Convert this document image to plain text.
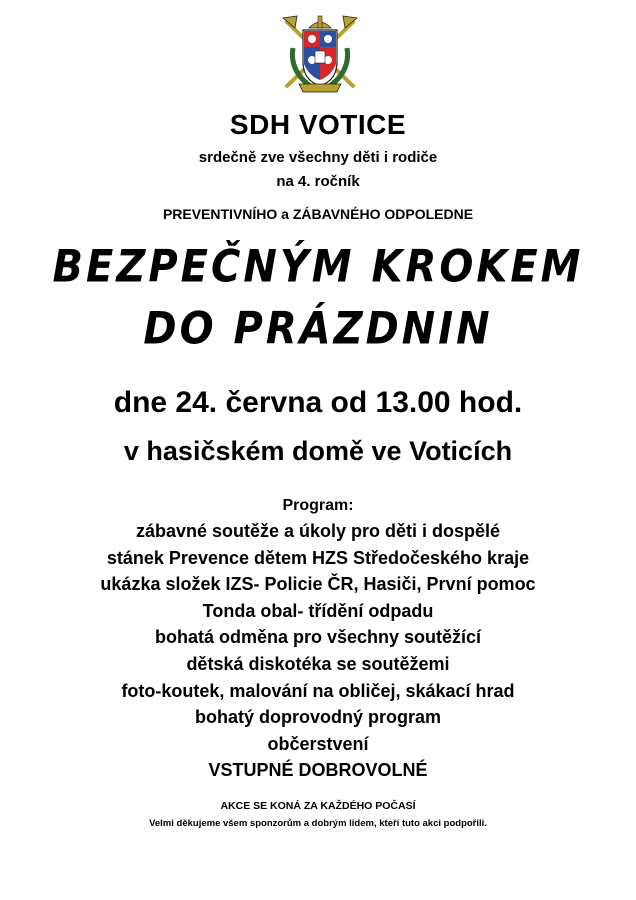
SDH VOTICE
srdečně zve všechny děti i rodiče
na 4. ročník
PREVENTIVNÍHO a ZÁBAVNÉHO ODPOLEDNE
BEZPEČNÝM KROKEM
DO PRÁZDNIN
dne 24. června od 13.00 hod.
v hasičském domě ve Voticích
Program:
zábavné soutěže a úkoly pro děti i dospělé
stánek Prevence dětem HZS Středočeského kraje
ukázka složek IZS- Policie ČR, Hasiči, První pomoc
Tonda obal- třídění odpadu
bohatá odměna pro všechny soutěžící
dětská diskotéka se soutěžemi
foto-koutek, malování na obličej, skákací hrad
bohatý doprovodný program
občerstvení
VSTUPNÉ DOBROVOLNÉ
AKCE SE KONÁ ZA KAŽDÉHO POČASÍ
Velmi děkujeme všem sponzorům a dobrým lidem, kteří tuto akci podpořili.
